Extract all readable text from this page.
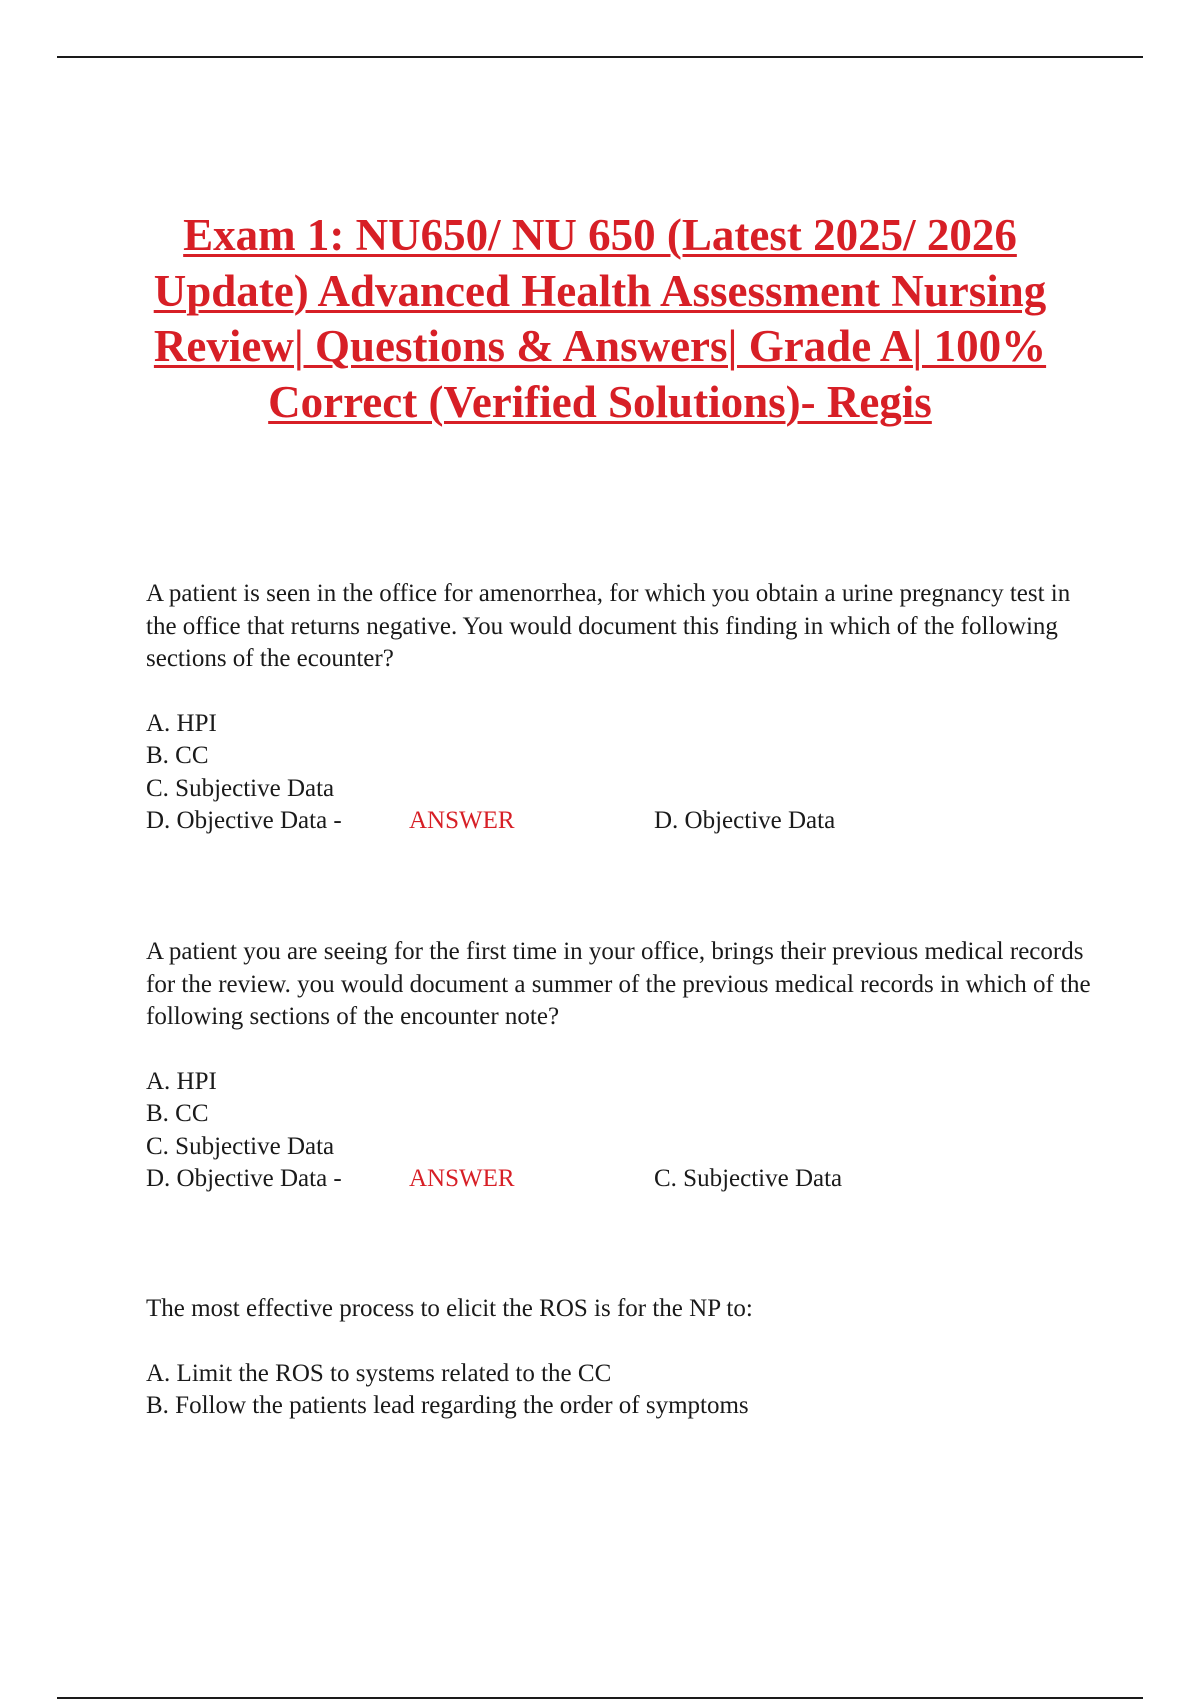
Exam 1: NU650/ NU 650 (Latest 2025/ 2026 Update) Advanced Health Assessment Nursing Review| Questions & Answers| Grade A| 100% Correct (Verified Solutions)- Regis

A patient is seen in the office for amenorrhea, for which you obtain a urine pregnancy test in the office that returns negative. You would document this finding in which of the following sections of the ecounter?

A. HPI
B. CC
C. Subjective Data
D. Objective Data -	ANSWER	D. Objective Data

A patient you are seeing for the first time in your office, brings their previous medical records for the review. you would document a summer of the previous medical records in which of the following sections of the encounter note?

A. HPI
B. CC
C. Subjective Data
D. Objective Data -	ANSWER	C. Subjective Data

The most effective process to elicit the ROS is for the NP to:

A. Limit the ROS to systems related to the CC
B. Follow the patients lead regarding the order of symptoms
